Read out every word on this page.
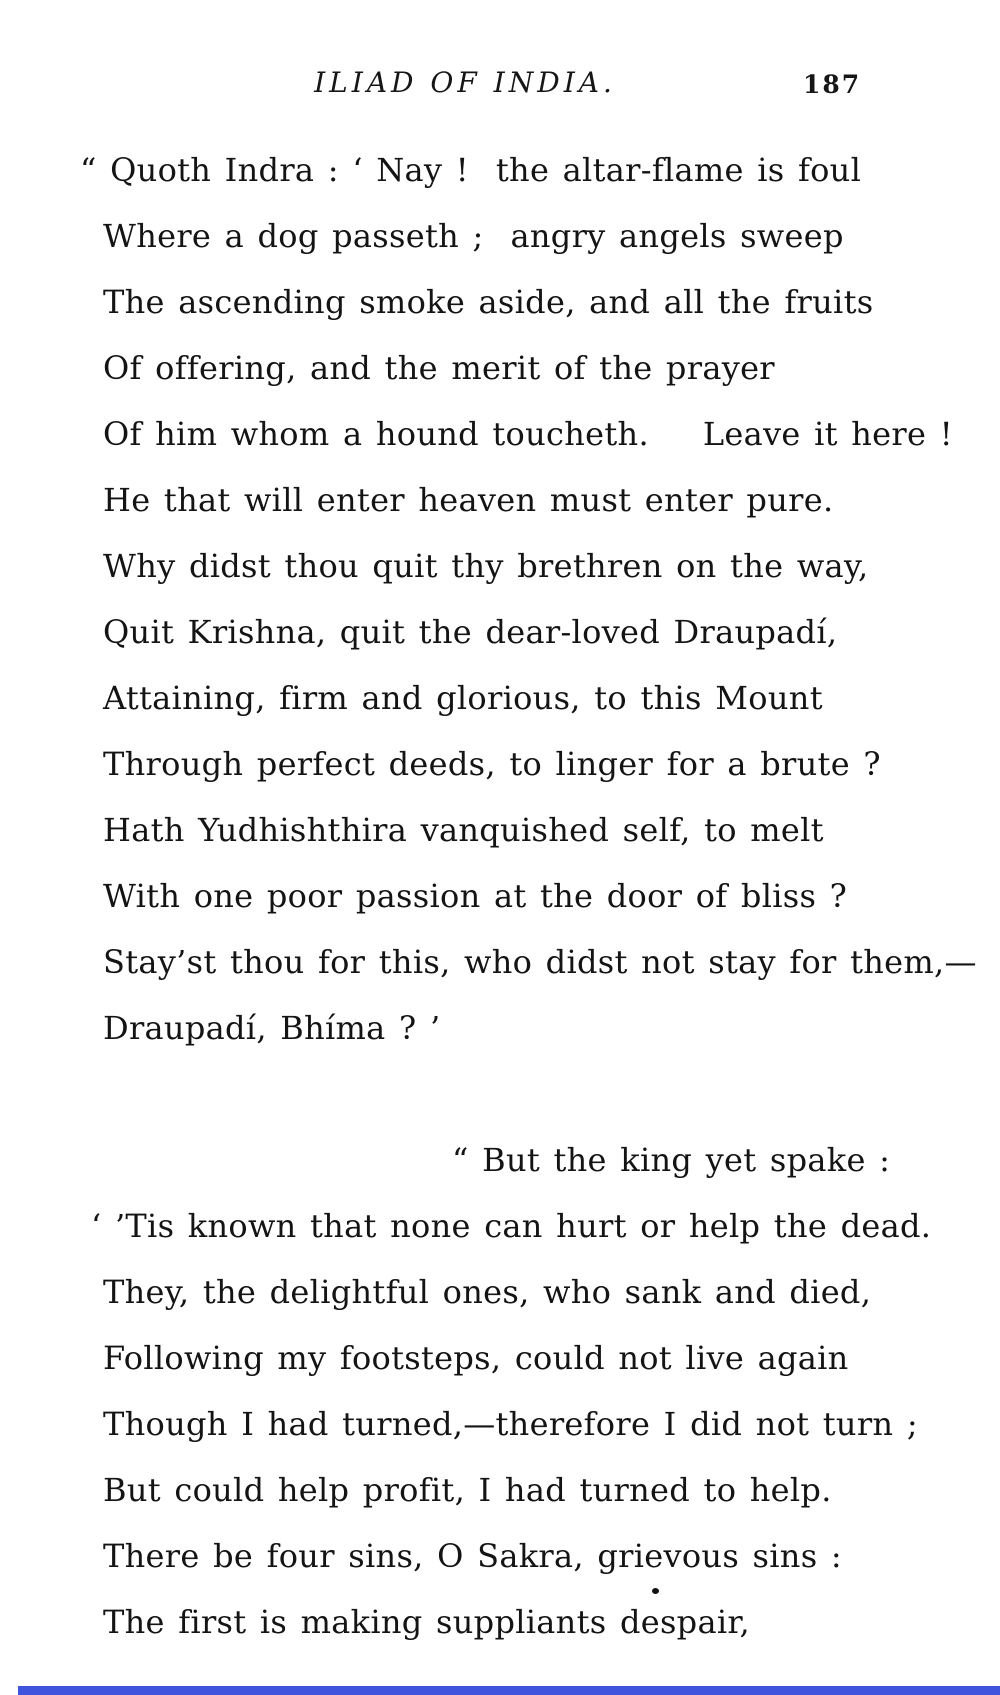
ILIAD OF INDIA.	187
“ Quoth Indra : ‘ Nay !  the altar-flame is foul
Where a dog passeth ;  angry angels sweep
The ascending smoke aside, and all the fruits
Of offering, and the merit of the prayer
Of him whom a hound toucheth.    Leave it here !
He that will enter heaven must enter pure.
Why didst thou quit thy brethren on the way,
Quit Krishna, quit the dear-loved Draupadí,
Attaining, firm and glorious, to this Mount
Through perfect deeds, to linger for a brute ?
Hath Yudhishthira vanquished self, to melt
With one poor passion at the door of bliss ?
Stay’st thou for this, who didst not stay for them,—
Draupadí, Bhíma ? ’
“ But the king yet spake :
‘ ’Tis known that none can hurt or help the dead.
They, the delightful ones, who sank and died,
Following my footsteps, could not live again
Though I had turned,—therefore I did not turn ;
But could help profit, I had turned to help.
There be four sins, O Sakra, grievous sins :
The first is making suppliants despair,
